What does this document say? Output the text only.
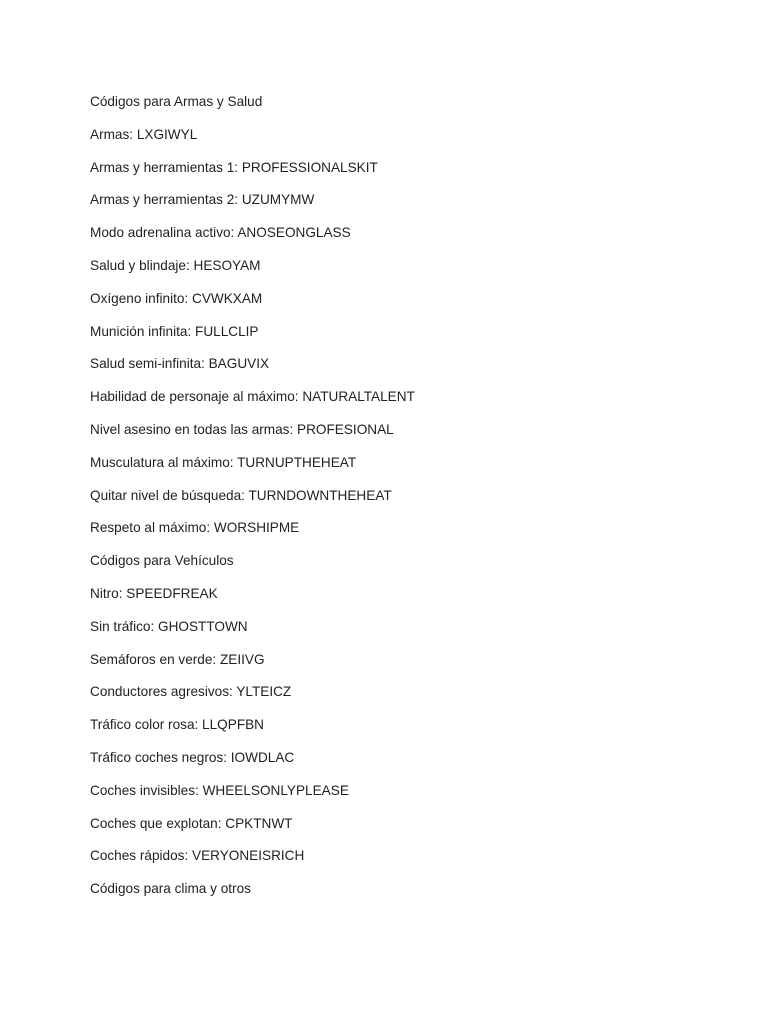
Códigos para Armas y Salud
Armas: LXGIWYL
Armas y herramientas 1: PROFESSIONALSKIT
Armas y herramientas 2: UZUMYMW
Modo adrenalina activo: ANOSEONGLASS
Salud y blindaje: HESOYAM
Oxígeno infinito: CVWKXAM
Munición infinita: FULLCLIP
Salud semi-infinita: BAGUVIX
Habilidad de personaje al máximo: NATURALTALENT
Nivel asesino en todas las armas: PROFESIONAL
Musculatura al máximo: TURNUPTHEHEAT
Quitar nivel de búsqueda: TURNDOWNTHEHEAT
Respeto al máximo: WORSHIPME
Códigos para Vehículos
Nitro: SPEEDFREAK
Sin tráfico: GHOSTTOWN
Semáforos en verde: ZEIIVG
Conductores agresivos: YLTEICZ
Tráfico color rosa: LLQPFBN
Tráfico coches negros: IOWDLAC
Coches invisibles: WHEELSONLYPLEASE
Coches que explotan: CPKTNWT
Coches rápidos: VERYONEISRICH
Códigos para clima y otros
